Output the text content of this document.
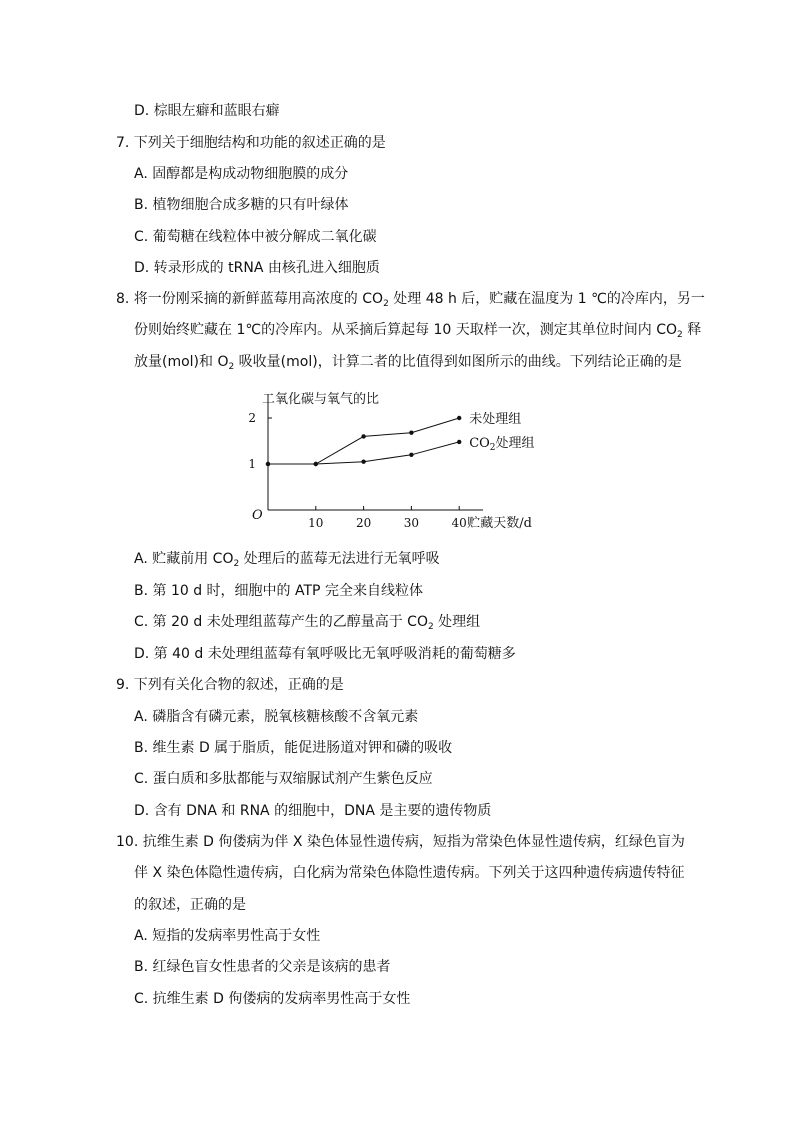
D. 棕眼左癖和蓝眼右癖
7. 下列关于细胞结构和功能的叙述正确的是
A. 固醇都是构成动物细胞膜的成分
B. 植物细胞合成多糖的只有叶绿体
C. 葡萄糖在线粒体中被分解成二氧化碳
D. 转录形成的 tRNA 由核孔进入细胞质
8. 将一份刚采摘的新鲜蓝莓用高浓度的 $CO_2$ 处理 48 h 后，贮藏在温度为 1 ℃的冷库内，另一
份则始终贮藏在 1℃的冷库内。从采摘后算起每 10 天取样一次，测定其单位时间内 $CO_2$ 释
放量(mol)和 $O_2$ 吸收量(mol)，计算二者的比值得到如图所示的曲线。下列结论正确的是
二氧化碳与氧气的比
贮藏天数/d
O	10	20	30	40
1
2	未处理组
$CO_2$处理组
A. 贮藏前用 $CO_2$ 处理后的蓝莓无法进行无氧呼吸
B. 第 10 d 时，细胞中的 ATP 完全来自线粒体
C. 第 20 d 未处理组蓝莓产生的乙醇量高于 $CO_2$ 处理组
D. 第 40 d 未处理组蓝莓有氧呼吸比无氧呼吸消耗的葡萄糖多
9. 下列有关化合物的叙述，正确的是
A. 磷脂含有磷元素，脱氧核糖核酸不含氧元素
B. 维生素 D 属于脂质，能促进肠道对钾和磷的吸收
C. 蛋白质和多肽都能与双缩脲试剂产生紫色反应
D. 含有 DNA 和 RNA 的细胞中，DNA 是主要的遗传物质
10. 抗维生素 D 佝偻病为伴 X 染色体显性遗传病，短指为常染色体显性遗传病，红绿色盲为
伴 X 染色体隐性遗传病，白化病为常染色体隐性遗传病。下列关于这四种遗传病遗传特征
的叙述，正确的是
A. 短指的发病率男性高于女性
B. 红绿色盲女性患者的父亲是该病的患者
C. 抗维生素 D 佝偻病的发病率男性高于女性
